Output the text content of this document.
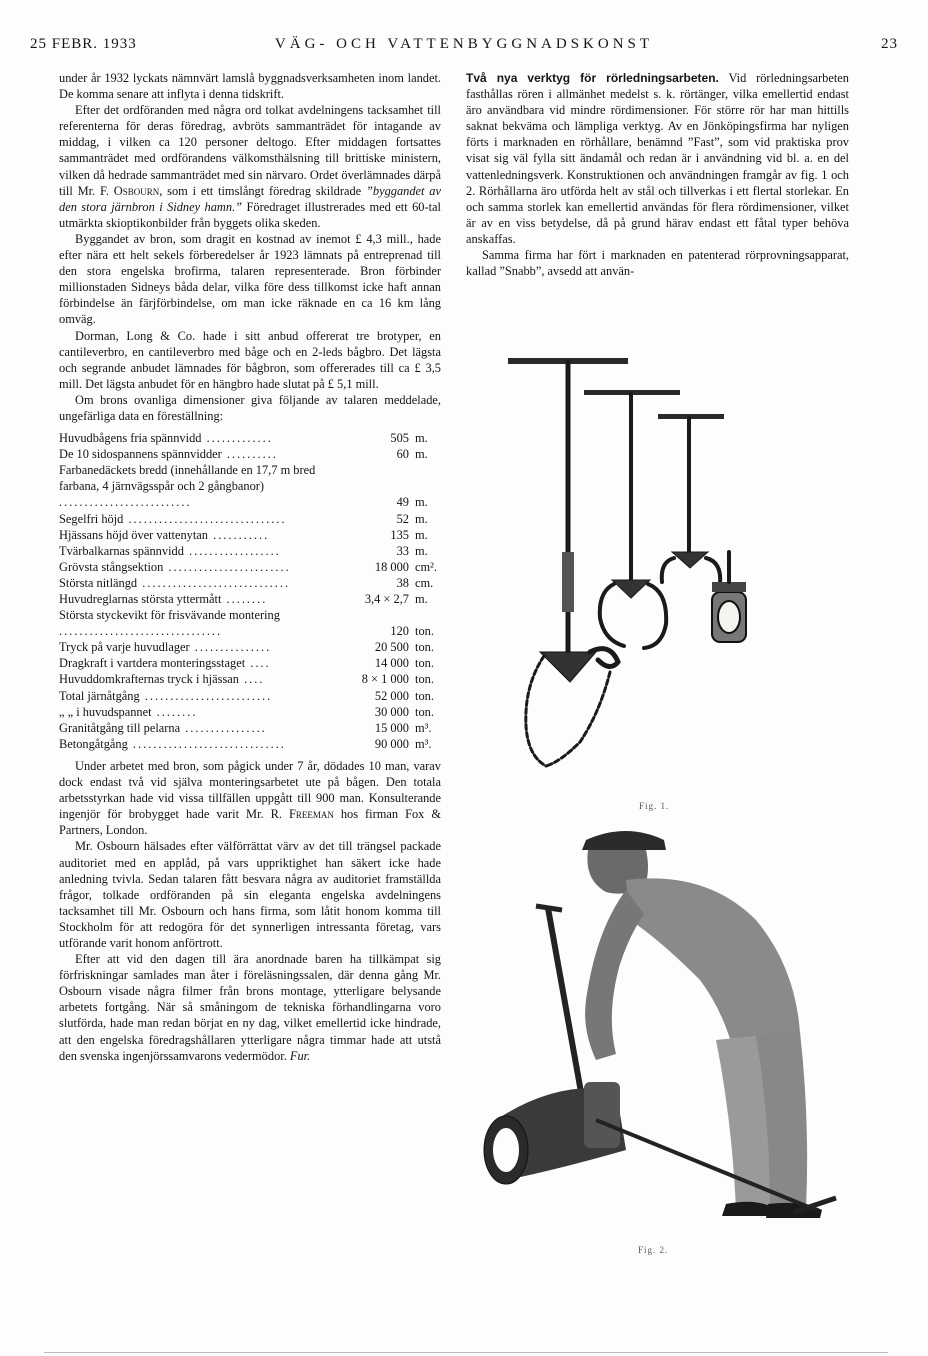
25 FEBR. 1933	VÄG- OCH VATTENBYGGNADSKONST	23

under år 1932 lyckats nämnvärt lamslå byggnadsverksamheten inom landet. De komma senare att inflyta i denna tidskrift.

Efter det ordföranden med några ord tolkat avdelningens tacksamhet till referenterna för deras föredrag, avbröts sammanträdet för intagande av middag, i vilken ca 120 personer deltogo. Efter middagen fortsattes sammanträdet med ordförandens välkomsthälsning till brittiske ministern, vilken då hedrade sammanträdet med sin närvaro. Ordet överlämnades därpå till Mr. F. Osbourn, som i ett timslångt föredrag skildrade ”byggandet av den stora järnbron i Sidney hamn.” Föredraget illustrerades med ett 60-tal utmärkta skioptikonbilder från byggets olika skeden.

Byggandet av bron, som dragit en kostnad av inemot £ 4,3 mill., hade efter nära ett helt sekels förberedelser år 1923 lämnats på entreprenad till den stora engelska brofirma, talaren representerade. Bron förbinder millionstaden Sidneys båda delar, vilka före dess tillkomst icke haft annan förbindelse än färjförbindelse, om man icke räknade en ca 16 km lång omväg.

Dorman, Long & Co. hade i sitt anbud offererat tre brotyper, en cantileverbro, en cantileverbro med båge och en 2-leds bågbro. Det lägsta och segrande anbudet lämnades för bågbron, som offererades till ca £ 3,5 mill. Det lägsta anbudet för en hängbro hade slutat på £ 5,1 mill.

Om brons ovanliga dimensioner giva följande av talaren meddelade, ungefärliga data en föreställning:

Huvudbågens fria spännvidd .............	505	m.
De 10 sidospannens spännvidder ..........	60	m.
Farbanedäckets bredd (innehållande en 17,7 m bred farbana, 4 järnvägsspår och 2 gångbanor) ..........................	49	m.
Segelfri höjd ...............................	52	m.
Hjässans höjd över vattenytan ...........	135	m.
Tvärbalkarnas spännvidd ..................	33	m.
Grövsta stångsektion ........................	18 000	cm².
Största nitlängd .............................	38	cm.
Huvudreglarnas största yttermått ........	3,4 × 2,7	m.
Största styckevikt för frisvävande montering ................................	120	ton.
Tryck på varje huvudlager ...............	20 500	ton.
Dragkraft i vartdera monteringsstaget ....	14 000	ton.
Huvuddomkrafternas tryck i hjässan ....	8 × 1 000	ton.
Total järnåtgång .........................	52 000	ton.
„ „ i huvudspannet ........	30 000	ton.
Granitåtgång till pelarna ................	15 000	m³.
Betongåtgång ..............................	90 000	m³.

Under arbetet med bron, som pågick under 7 år, dödades 10 man, varav dock endast två vid själva monteringsarbetet ute på bågen. Den totala arbetsstyrkan hade vid vissa tillfällen uppgått till 900 man. Konsulterande ingenjör för brobygget hade varit Mr. R. Freeman hos firman Fox & Partners, London.

Mr. Osbourn hälsades efter välförrättat värv av det till trängsel packade auditoriet med en applåd, på vars uppriktighet han säkert icke hade anledning tvivla. Sedan talaren fått besvara några av auditoriet framställda frågor, tolkade ordföranden på sin eleganta engelska avdelningens tacksamhet till Mr. Osbourn och hans firma, som låtit honom komma till Stockholm för att redogöra för det synnerligen intressanta företag, vars utförande varit honom anförtrott.

Efter att vid den dagen till ära anordnade baren ha tillkämpat sig förfriskningar samlades man åter i föreläsningssalen, där denna gång Mr. Osbourn visade några filmer från brons montage, ytterligare belysande arbetets fortgång. När så småningom de tekniska förhandlingarna voro slutförda, hade man redan börjat en ny dag, vilket emellertid icke hindrade, att den engelska föredragshållaren ytterligare några timmar hade att utstå den svenska ingenjörssamvarons vedermödor. Fur.

Två nya verktyg för rörledningsarbeten. Vid rörledningsarbeten fasthållas rören i allmänhet medelst s. k. rörtänger, vilka emellertid endast äro användbara vid mindre rördimensioner. För större rör har man hittills saknat bekväma och lämpliga verktyg. Av en Jönköpingsfirma har nyligen förts i marknaden en rörhållare, benämnd ”Fast”, som vid praktiska prov visat sig väl fylla sitt ändamål och redan är i användning vid bl. a. en del vattenledningsverk. Konstruktionen och användningen framgår av fig. 1 och 2. Rörhållarna äro utförda helt av stål och tillverkas i ett flertal storlekar. En och samma storlek kan emellertid användas för flera rördimensioner, vilket är av en viss betydelse, då på grund härav endast ett fåtal typer behöva anskaffas.

Samma firma har fört i marknaden en patenterad rörprovningsapparat, kallad ”Snabb”, avsedd att använ-

Fig. 1.
Fig. 2.
